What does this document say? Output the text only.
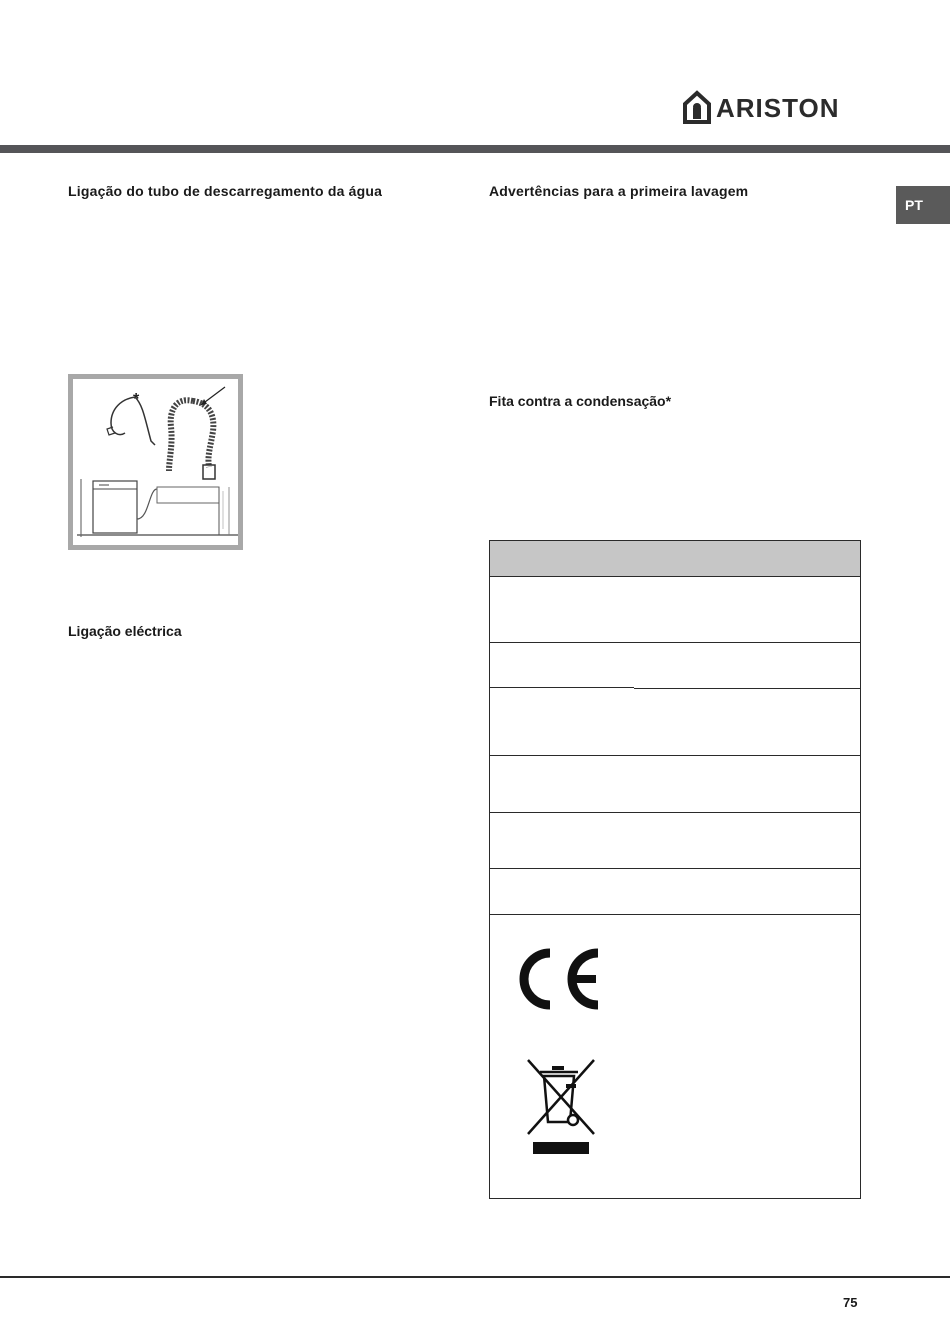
ARISTON
PT
Ligação do tubo de descarregamento da água	Advertências para a primeira lavagem
Fita contra a condensação*
Ligação eléctrica
*
75
